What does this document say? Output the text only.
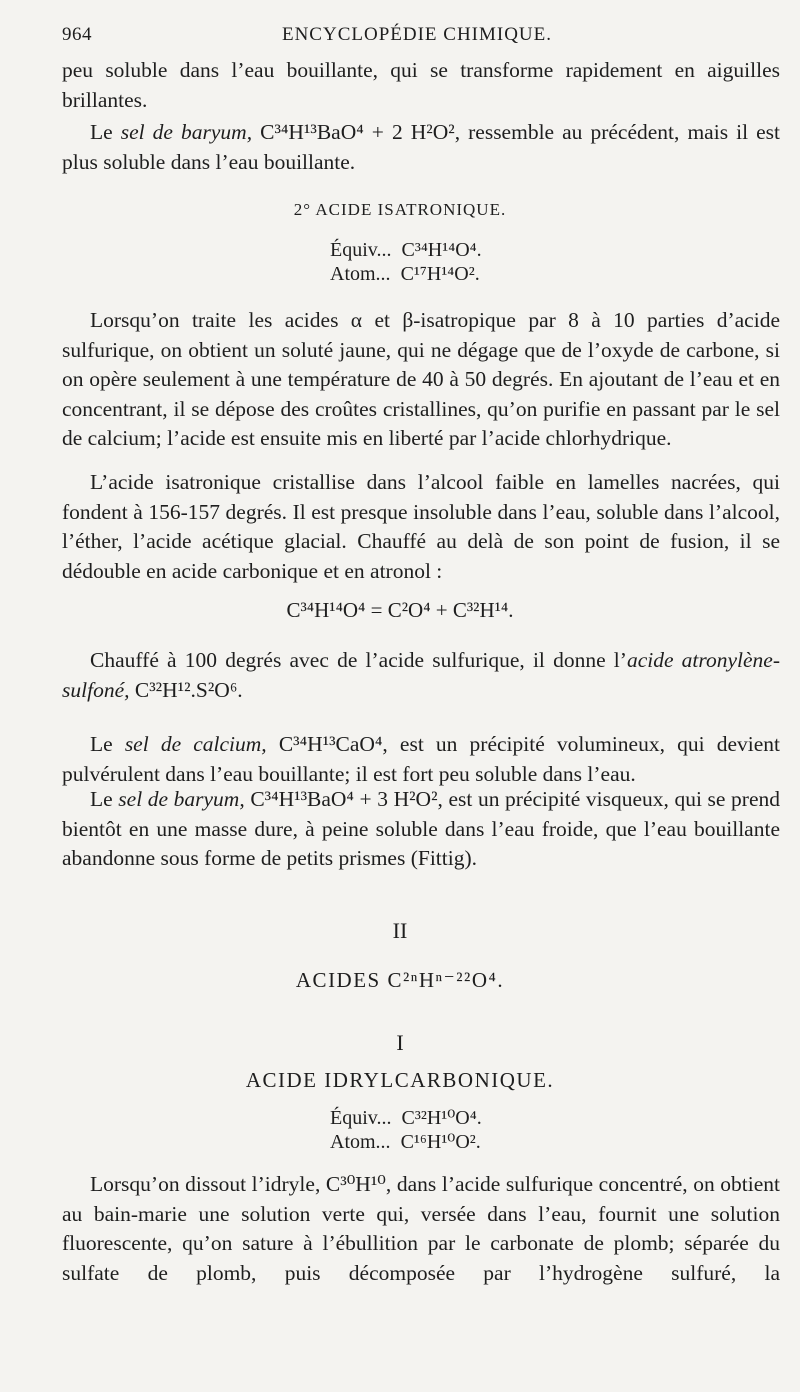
964	ENCYCLOPÉDIE CHIMIQUE.

peu soluble dans l’eau bouillante, qui se transforme rapidement en aiguilles

brillantes.

Le sel de baryum, C³⁴H¹³BaO⁴ + 2 H²O², ressemble au précédent, mais il est

plus soluble dans l’eau bouillante.

2° ACIDE ISATRONIQUE.
Équiv... C³⁴H¹⁴O⁴.
Atom... C¹⁷H¹⁴O².

Lorsqu’on traite les acides α et β-isatropique par 8 à 10 parties d’acide sulfurique, on obtient un soluté jaune, qui ne dégage que de l’oxyde de carbone, si on opère seulement à une température de 40 à 50 degrés. En ajoutant de l’eau et en concentrant, il se dépose des croûtes cristallines, qu’on purifie en passant par le sel de calcium; l’acide est ensuite mis en liberté par l’acide chlorhydrique.

L’acide isatronique cristallise dans l’alcool faible en lamelles nacrées, qui fondent à 156-157 degrés. Il est presque insoluble dans l’eau, soluble dans l’alcool, l’éther, l’acide acétique glacial. Chauffé au delà de son point de fusion, il se dédouble en acide carbonique et en atronol :

C³⁴H¹⁴O⁴ = C²O⁴ + C³²H¹⁴.

Chauffé à 100 degrés avec de l’acide sulfurique, il donne l’acide atronylène-sulfoné, C³²H¹².S²O⁶.

Le sel de calcium, C³⁴H¹³CaO⁴, est un précipité volumineux, qui devient pulvérulent dans l’eau bouillante; il est fort peu soluble dans l’eau.

Le sel de baryum, C³⁴H¹³BaO⁴ + 3 H²O², est un précipité visqueux, qui se prend bientôt en une masse dure, à peine soluble dans l’eau froide, que l’eau bouillante abandonne sous forme de petits prismes (Fittig).

II
ACIDES C²ⁿHⁿ⁻²²O⁴.
I
ACIDE IDRYLCARBONIQUE.
Équiv... C³²H¹⁰O⁴.
Atom... C¹⁶H¹⁰O².

Lorsqu’on dissout l’idryle, C³⁰H¹⁰, dans l’acide sulfurique concentré, on obtient au bain-marie une solution verte qui, versée dans l’eau, fournit une solution fluorescente, qu’on sature à l’ébullition par le carbonate de plomb; séparée du sulfate de plomb, puis décomposée par l’hydrogène sulfuré, la
